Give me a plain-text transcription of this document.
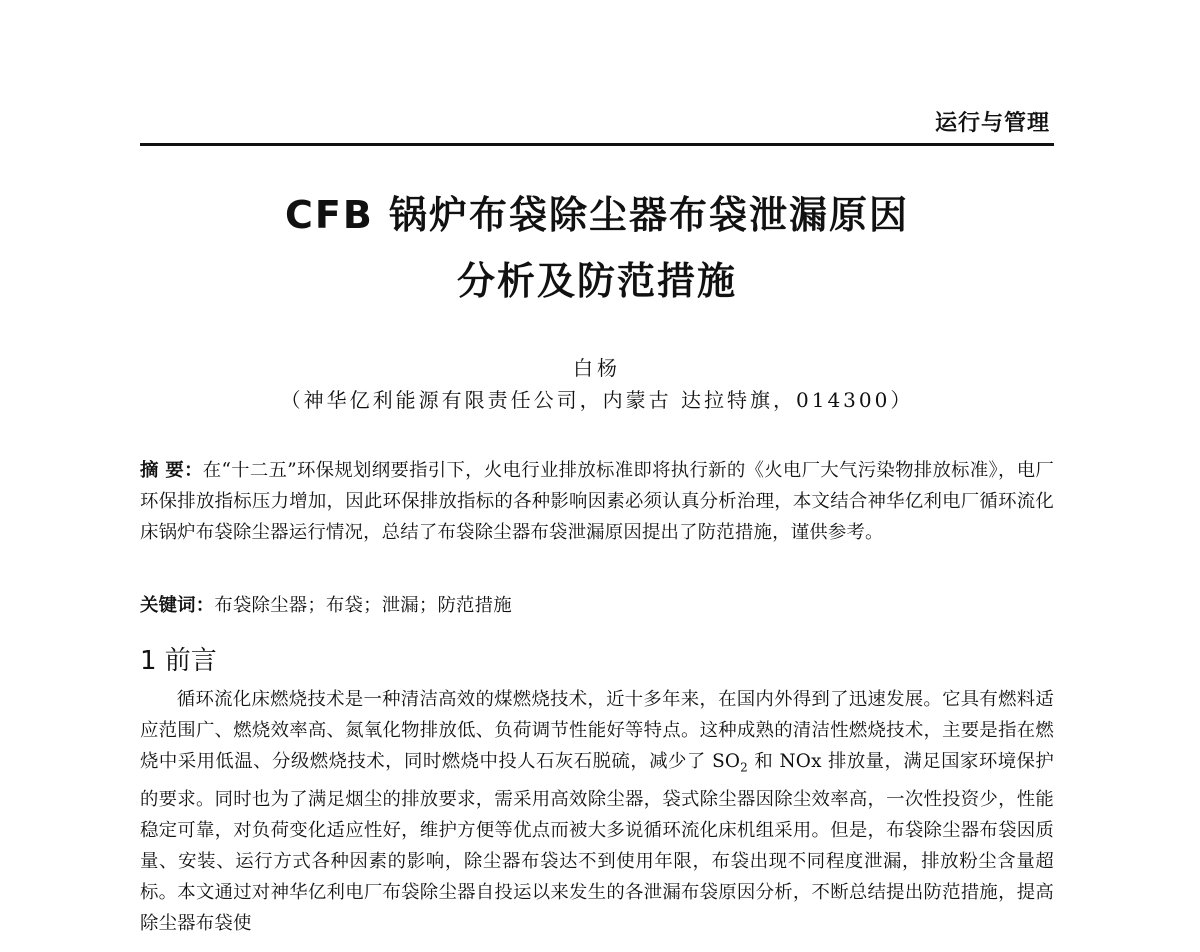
运行与管理
CFB 锅炉布袋除尘器布袋泄漏原因
分析及防范措施
白杨
（神华亿利能源有限责任公司，内蒙古 达拉特旗，014300）
摘 要：在“十二五”环保规划纲要指引下，火电行业排放标准即将执行新的《火电厂大气污染物排放标准》，电厂环保排放指标压力增加，因此环保排放指标的各种影响因素必须认真分析治理，本文结合神华亿利电厂循环流化床锅炉布袋除尘器运行情况，总结了布袋除尘器布袋泄漏原因提出了防范措施，谨供参考。
关键词：布袋除尘器；布袋；泄漏；防范措施
1 前言
循环流化床燃烧技术是一种清洁高效的煤燃烧技术，近十多年来，在国内外得到了迅速发展。它具有燃料适应范围广、燃烧效率高、氮氧化物排放低、负荷调节性能好等特点。这种成熟的清洁性燃烧技术，主要是指在燃烧中采用低温、分级燃烧技术，同时燃烧中投人石灰石脱硫，减少了 $SO_2$ 和 NOx 排放量，满足国家环境保护的要求。同时也为了满足烟尘的排放要求，需采用高效除尘器，袋式除尘器因除尘效率高，一次性投资少，性能稳定可靠，对负荷变化适应性好，维护方便等优点而被大多说循环流化床机组采用。但是，布袋除尘器布袋因质量、安装、运行方式各种因素的影响，除尘器布袋达不到使用年限，布袋出现不同程度泄漏，排放粉尘含量超标。本文通过对神华亿利电厂布袋除尘器自投运以来发生的各泄漏布袋原因分析，不断总结提出防范措施，提高除尘器布袋使
